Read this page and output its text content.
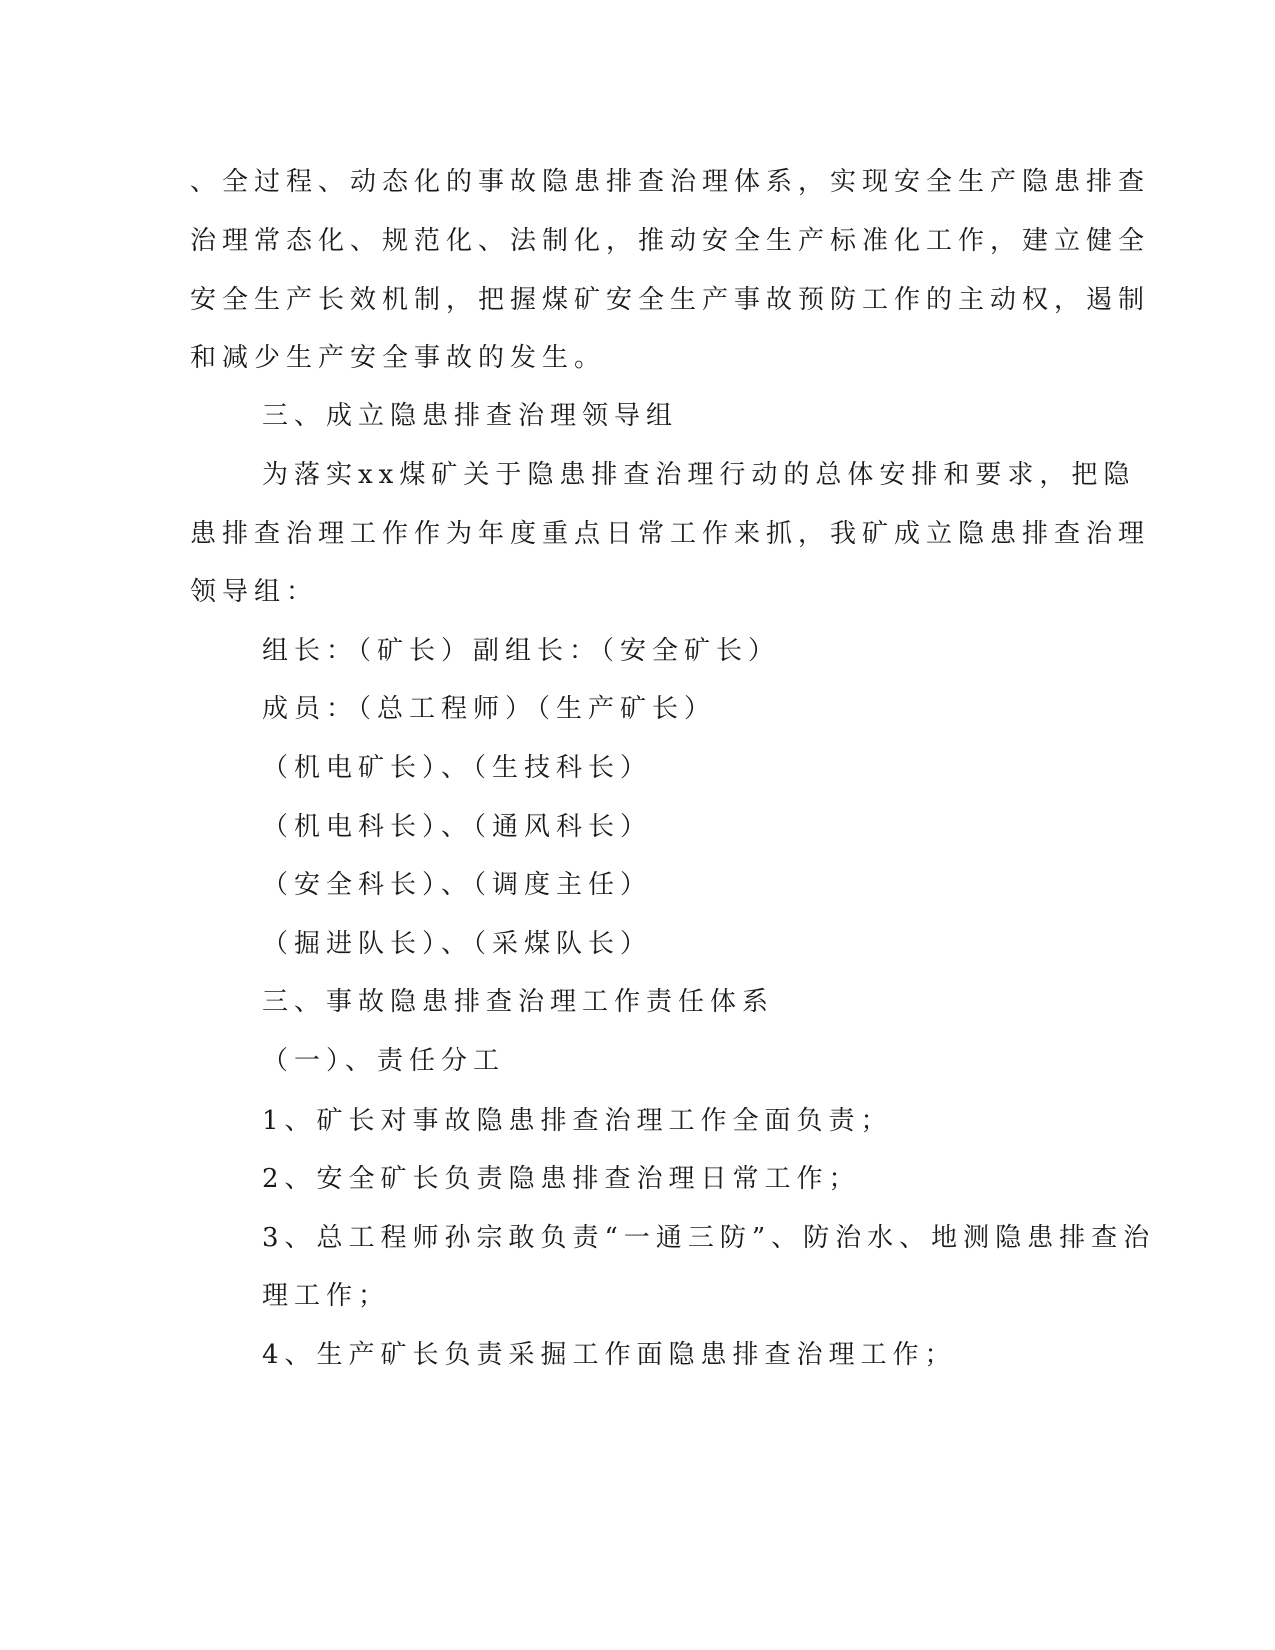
、全过程、动态化的事故隐患排查治理体系，实现安全生产隐患排查
治理常态化、规范化、法制化，推动安全生产标准化工作，建立健全
安全生产长效机制，把握煤矿安全生产事故预防工作的主动权，遏制
和减少生产安全事故的发生。
三、成立隐患排查治理领导组
为落实xx煤矿关于隐患排查治理行动的总体安排和要求，把隐
患排查治理工作作为年度重点日常工作来抓，我矿成立隐患排查治理
领导组：
组长：（矿长）副组长：（安全矿长）
成员：（总工程师）（生产矿长）
（机电矿长）、（生技科长）
（机电科长）、（通风科长）
（安全科长）、（调度主任）
（掘进队长）、（采煤队长）
三、事故隐患排查治理工作责任体系
（一）、责任分工
1、矿长对事故隐患排查治理工作全面负责；
2、安全矿长负责隐患排查治理日常工作；
3、总工程师孙宗敢负责“一通三防”、防治水、地测隐患排查治
理工作；
4、生产矿长负责采掘工作面隐患排查治理工作；
